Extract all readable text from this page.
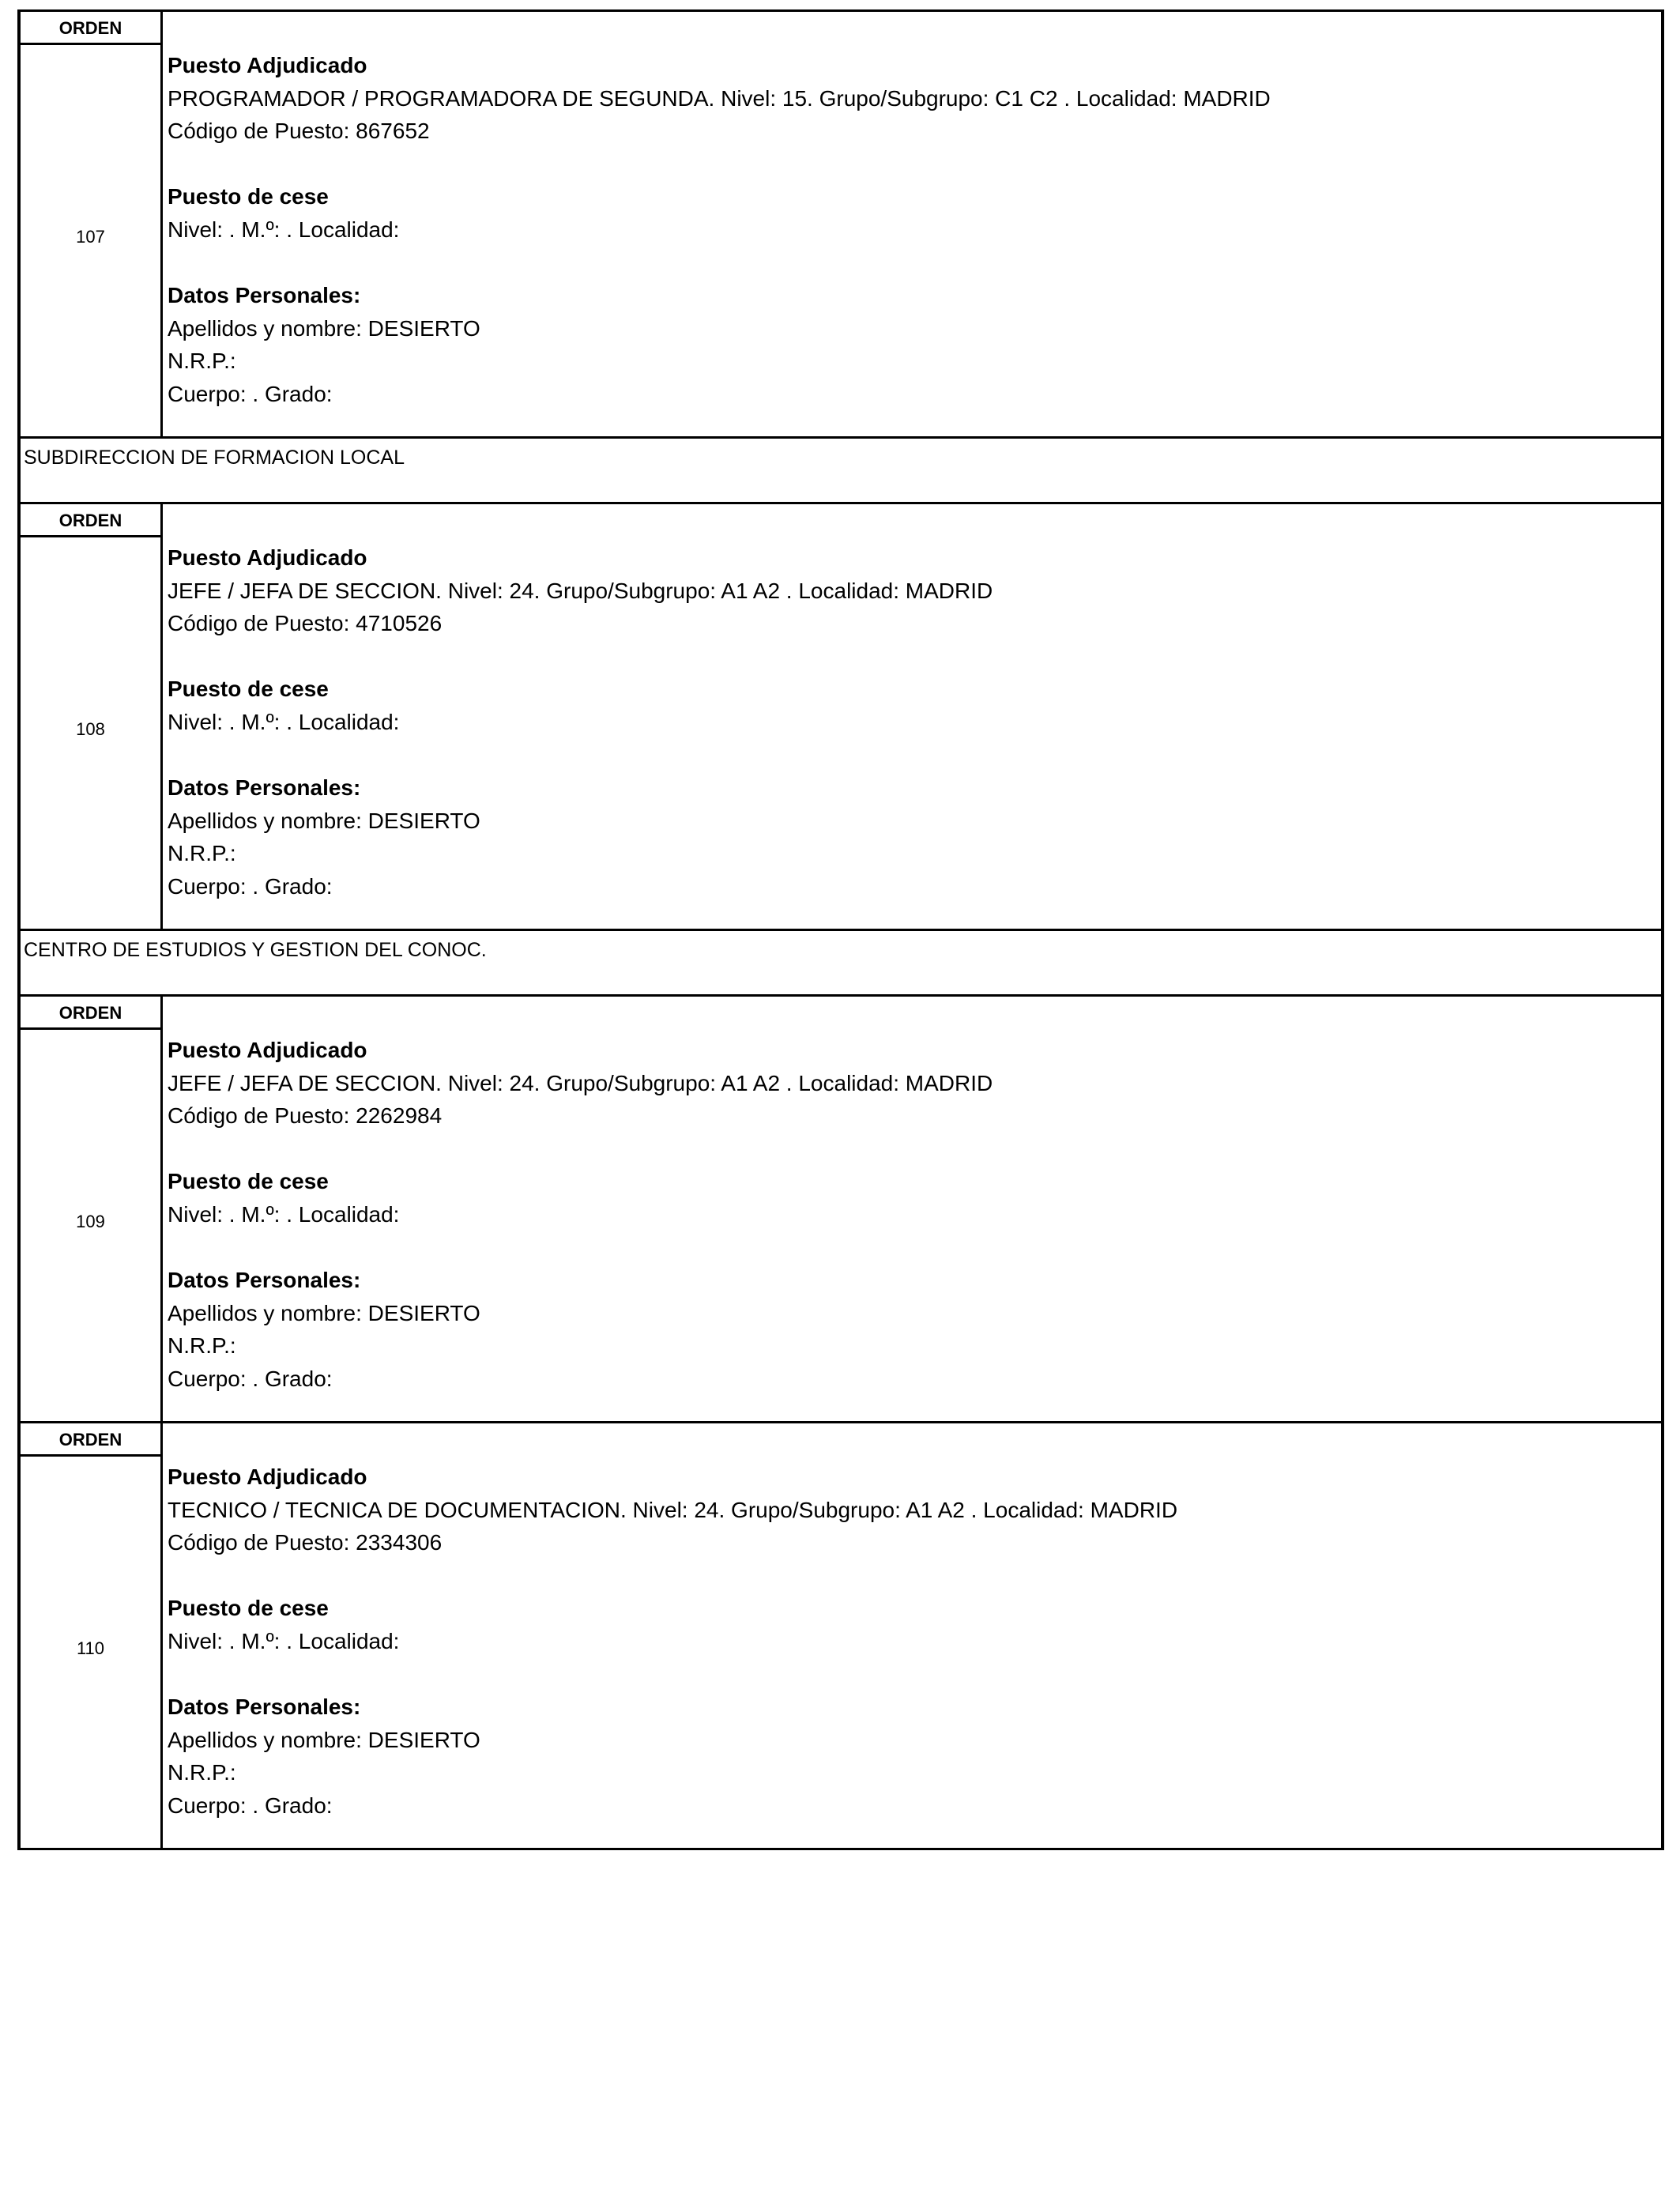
ORDEN
107
Puesto Adjudicado
PROGRAMADOR / PROGRAMADORA DE SEGUNDA. Nivel: 15. Grupo/Subgrupo: C1 C2 . Localidad: MADRID
Código de Puesto: 867652
Puesto de cese
Nivel: . M.º: . Localidad:
Datos Personales:
Apellidos y nombre: DESIERTO
N.R.P.:
Cuerpo: . Grado:
SUBDIRECCION DE FORMACION LOCAL
ORDEN
108
Puesto Adjudicado
JEFE / JEFA DE SECCION. Nivel: 24. Grupo/Subgrupo: A1 A2 . Localidad: MADRID
Código de Puesto: 4710526
Puesto de cese
Nivel: . M.º: . Localidad:
Datos Personales:
Apellidos y nombre: DESIERTO
N.R.P.:
Cuerpo: . Grado:
CENTRO DE ESTUDIOS Y GESTION DEL CONOC.
ORDEN
109
Puesto Adjudicado
JEFE / JEFA DE SECCION. Nivel: 24. Grupo/Subgrupo: A1 A2 . Localidad: MADRID
Código de Puesto: 2262984
Puesto de cese
Nivel: . M.º: . Localidad:
Datos Personales:
Apellidos y nombre: DESIERTO
N.R.P.:
Cuerpo: . Grado:
ORDEN
110
Puesto Adjudicado
TECNICO / TECNICA DE DOCUMENTACION. Nivel: 24. Grupo/Subgrupo: A1 A2 . Localidad: MADRID
Código de Puesto: 2334306
Puesto de cese
Nivel: . M.º: . Localidad:
Datos Personales:
Apellidos y nombre: DESIERTO
N.R.P.:
Cuerpo: . Grado:
